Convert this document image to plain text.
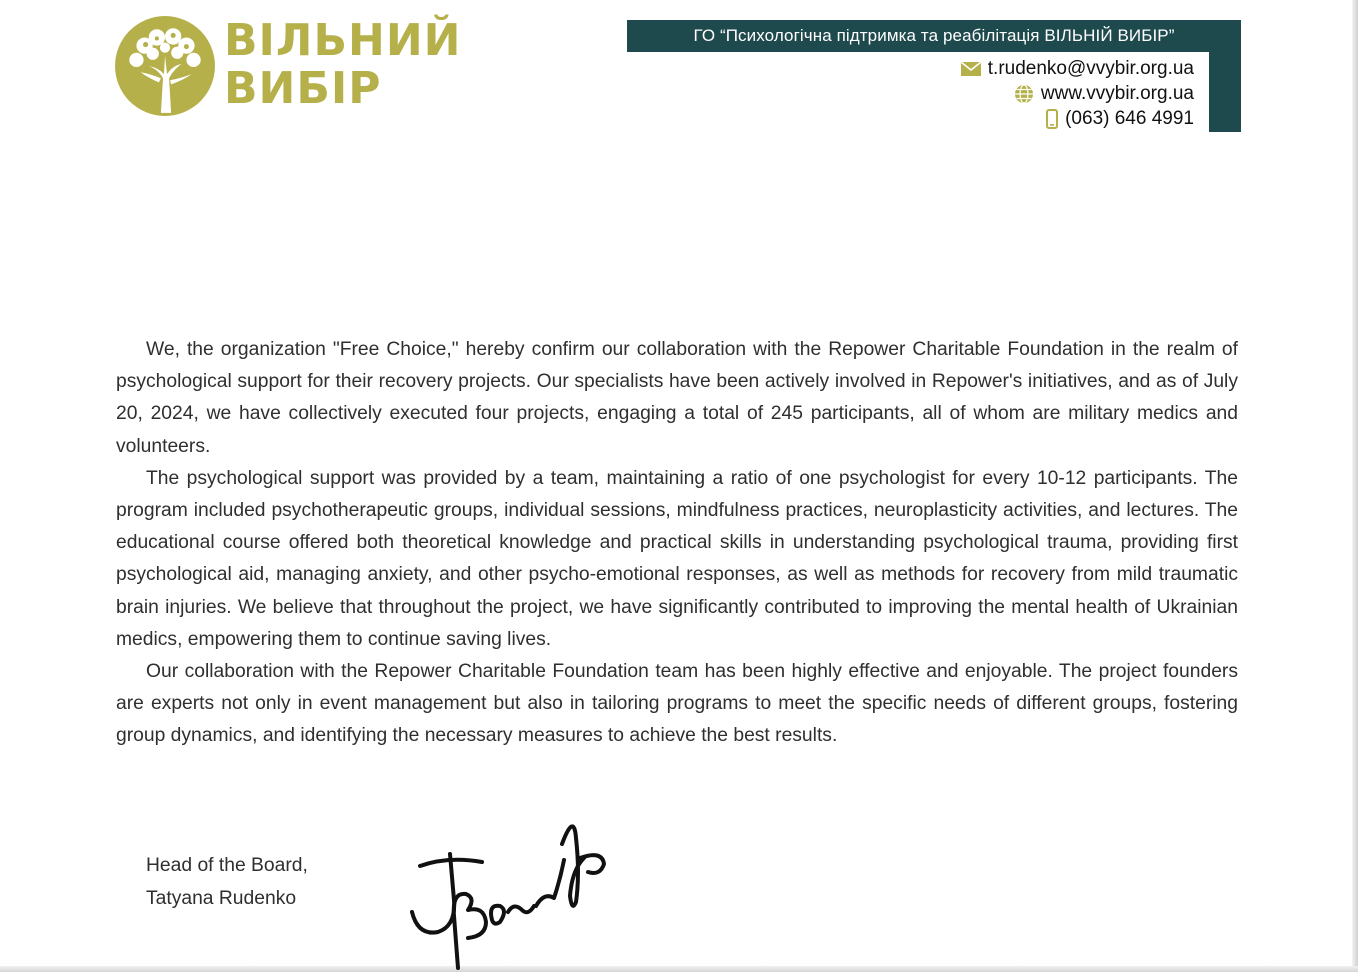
ВІЛЬНИЙ
ВИБІР
ГО “Психологічна підтримка та реабілітація ВІЛЬНІЙ ВИБІР”
t.rudenko@vvybir.org.ua
www.vvybir.org.ua
(063) 646 4991

We, the organization "Free Choice," hereby confirm our collaboration with the Repower Charitable Foundation in the realm of psychological support for their recovery projects. Our specialists have been actively involved in Repower's initiatives, and as of July 20, 2024, we have collectively executed four projects, engaging a total of 245 participants, all of whom are military medics and volunteers.

The psychological support was provided by a team, maintaining a ratio of one psychologist for every 10-12 participants. The program included psychotherapeutic groups, individual sessions, mindfulness practices, neuroplasticity activities, and lectures. The educational course offered both theoretical knowledge and practical skills in understanding psychological trauma, providing first psychological aid, managing anxiety, and other psycho-emotional responses, as well as methods for recovery from mild traumatic brain injuries. We believe that throughout the project, we have significantly contributed to improving the mental health of Ukrainian medics, empowering them to continue saving lives.

Our collaboration with the Repower Charitable Foundation team has been highly effective and enjoyable. The project founders are experts not only in event management but also in tailoring programs to meet the specific needs of different groups, fostering group dynamics, and identifying the necessary measures to achieve the best results.

Head of the Board,
Tatyana Rudenko
